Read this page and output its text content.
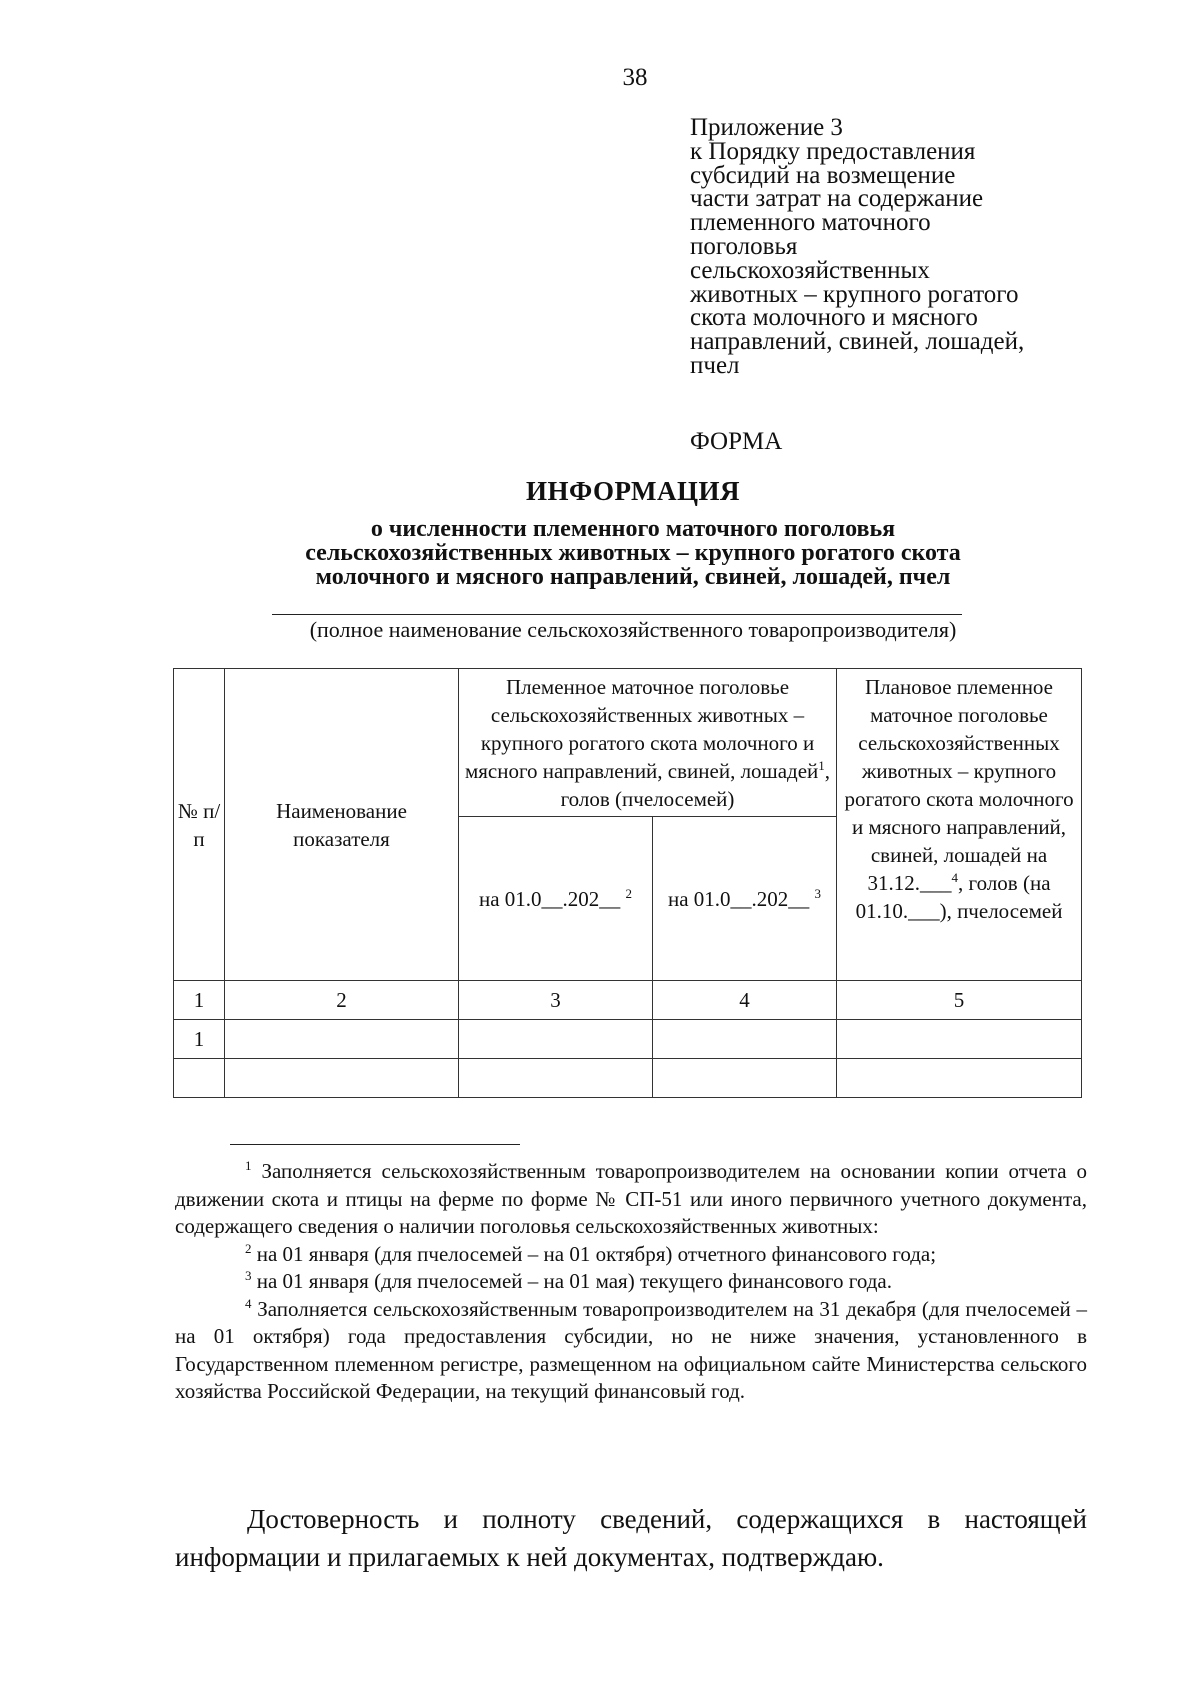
38
Приложение 3
к Порядку предоставления
субсидий на возмещение
части затрат на содержание
племенного маточного
поголовья
сельскохозяйственных
животных – крупного рогатого
скота молочного и мясного
направлений, свиней, лошадей,
пчел
ФОРМА
ИНФОРМАЦИЯ
о численности племенного маточного поголовья
сельскохозяйственных животных – крупного рогатого скота
молочного и мясного направлений, свиней, лошадей, пчел
(полное наименование сельскохозяйственного товаропроизводителя)
№ п/п	Наименование показателя	Племенное маточное поголовье сельскохозяйственных животных – крупного рогатого скота молочного и мясного направлений, свиней, лошадей$^1$, голов (пчелосемей)		Плановое племенное маточное поголовье сельскохозяйственных животных – крупного рогатого скота молочного и мясного направлений, свиней, лошадей на 31.12.___$^4$, голов (на 01.10.___), пчелосемей
		на 01.0__.202__ $^2$	на 01.0__.202__ $^3$
1	2	3	4	5
1				

$^1$ Заполняется сельскохозяйственным товаропроизводителем на основании копии отчета о движении скота и птицы на ферме по форме № СП-51 или иного первичного учетного документа, содержащего сведения о наличии поголовья сельскохозяйственных животных:

$^2$ на 01 января (для пчелосемей – на 01 октября) отчетного финансового года;

$^3$ на 01 января (для пчелосемей – на 01 мая) текущего финансового года.

$^4$ Заполняется сельскохозяйственным товаропроизводителем на 31 декабря (для пчелосемей – на 01 октября) года предоставления субсидии, но не ниже значения, установленного в Государственном племенном регистре, размещенном на официальном сайте Министерства сельского хозяйства Российской Федерации, на текущий финансовый год.

Достоверность и полноту сведений, содержащихся в настоящей информации и прилагаемых к ней документах, подтверждаю.
